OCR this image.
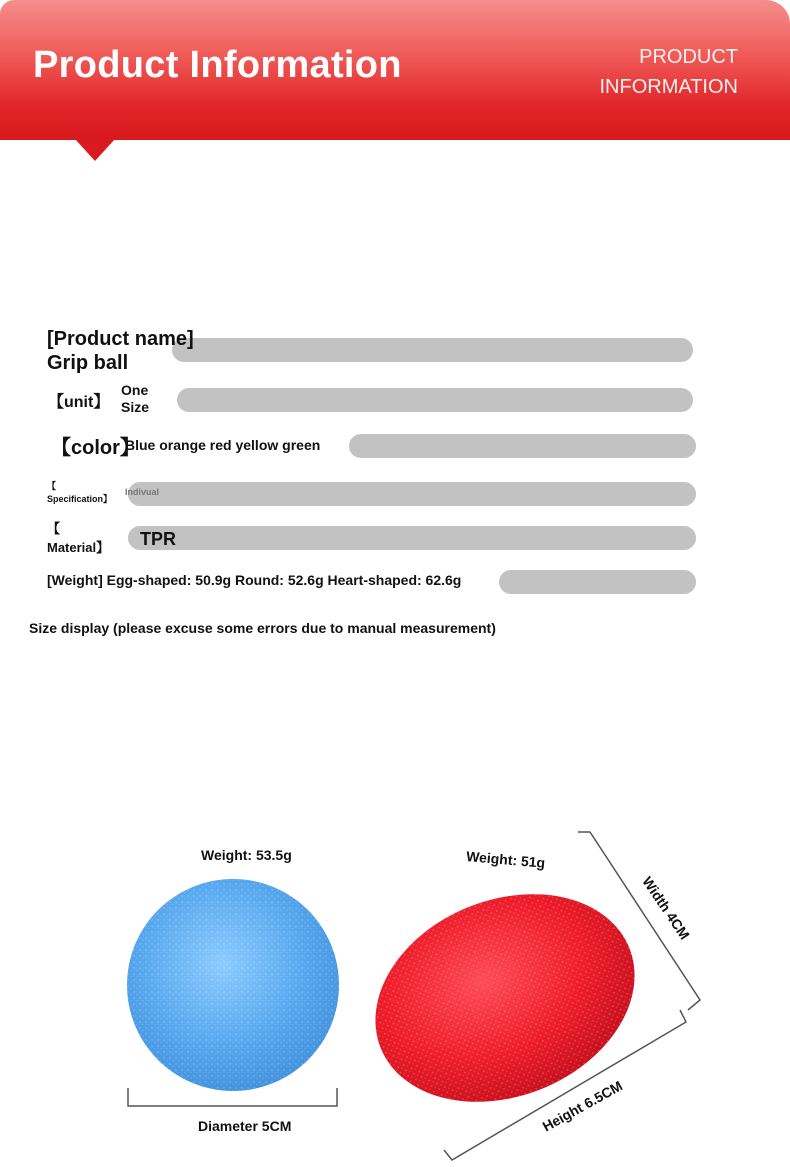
Product Information	PRODUCT
INFORMATION
[Product name]
Grip ball
【unit】
One Size
【color】
Blue orange red yellow green
【
Specification】
Indivual
【
Material】 TPR
[Weight] Egg-shaped: 50.9g Round: 52.6g Heart-shaped: 62.6g
Size display (please excuse some errors due to manual measurement)
Weight: 53.5g
Diameter 5CM
Weight: 51g
Width 4CM
Height 6.5CM
